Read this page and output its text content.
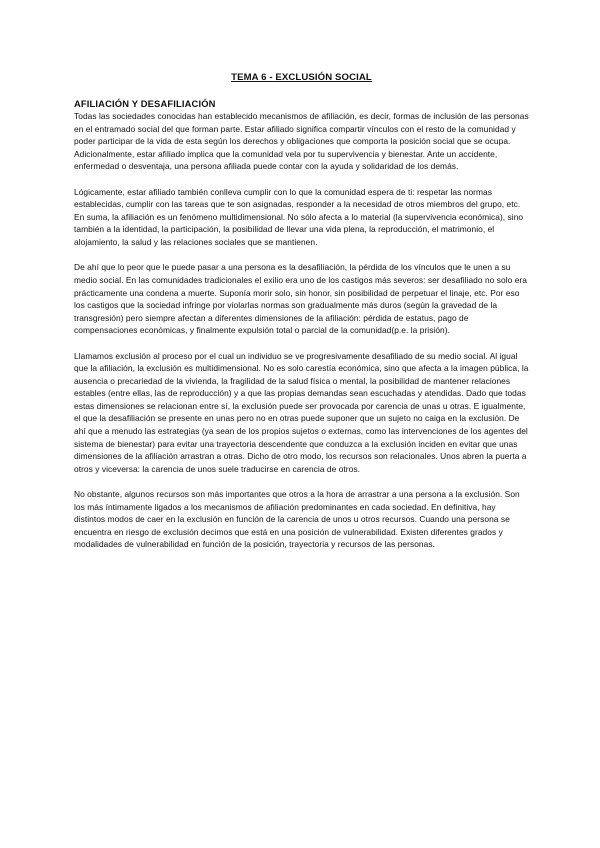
TEMA 6 - EXCLUSIÓN SOCIAL
AFILIACIÓN Y DESAFILIACIÓN

Todas las sociedades conocidas han establecido mecanismos de afiliación, es decir, formas de inclusión de las personas en el entramado social del que forman parte. Estar afiliado significa compartir vínculos con el resto de la comunidad y poder participar de la vida de esta según los derechos y obligaciones que comporta la posición social que se ocupa. Adicionalmente, estar afiliado implica que la comunidad vela por tu supervivencia y bienestar. Ante un accidente, enfermedad o desventaja, una persona afiliada puede contar con la ayuda y solidaridad de los demás.

Lógicamente, estar afiliado también conlleva cumplir con lo que la comunidad espera de ti: respetar las normas establecidas, cumplir con las tareas que te son asignadas, responder a la necesidad de otros miembros del grupo, etc. En suma, la afiliación es un fenómeno multidimensional. No sólo afecta a lo material (la supervivencia económica), sino también a la identidad, la participación, la posibilidad de llevar una vida plena, la reproducción, el matrimonio, el alojamiento, la salud y las relaciones sociales que se mantienen.

De ahí que lo peor que le puede pasar a una persona es la desafiliación, la pérdida de los vínculos que le unen a su medio social. En las comunidades tradicionales el exilio era uno de los castigos más severos: ser desafiliado no solo era prácticamente una condena a muerte. Suponía morir solo, sin honor, sin posibilidad de perpetuar el linaje, etc. Por eso los castigos que la sociedad infringe por violarlas normas son gradualmente más duros (según la gravedad de la transgresión) pero siempre afectan a diferentes dimensiones de la afiliación: pérdida de estatus, pago de compensaciones económicas, y finalmente expulsión total o parcial de la comunidad(p.e. la prisión).

Llamamos exclusión al proceso por el cual un individuo se ve progresivamente desafiliado de su medio social. Al igual que la afiliación, la exclusión es multidimensional. No es solo carestía económica, sino que afecta a la imagen pública, la ausencia o precariedad de la vivienda, la fragilidad de la salud física o mental, la posibilidad de mantener relaciones estables (entre ellas, las de reproducción) y a que las propias demandas sean escuchadas y atendidas. Dado que todas estas dimensiones se relacionan entre sí, la exclusión puede ser provocada por carencia de unas u otras. E igualmente, el que la desafiliación se presente en unas pero no en otras puede suponer que un sujeto no caiga en la exclusión. De ahí que a menudo las estrategias (ya sean de los propios sujetos o externas, como las intervenciones de los agentes del sistema de bienestar) para evitar una trayectoria descendente que conduzca a la exclusión inciden en evitar que unas dimensiones de la afiliación arrastran a otras. Dicho de otro modo, los recursos son relacionales. Unos abren la puerta a otros y viceversa: la carencia de unos suele traducirse en carencia de otros.

No obstante, algunos recursos son más importantes que otros a la hora de arrastrar a una persona a la exclusión. Son los más íntimamente ligados a los mecanismos de afiliación predominantes en cada sociedad. En definitiva, hay distintos modos de caer en la exclusión en función de la carencia de unos u otros recursos. Cuando una persona se encuentra en riesgo de exclusión decimos que está en una posición de vulnerabilidad. Existen diferentes grados y modalidades de vulnerabilidad en función de la posición, trayectoria y recursos de las personas.
